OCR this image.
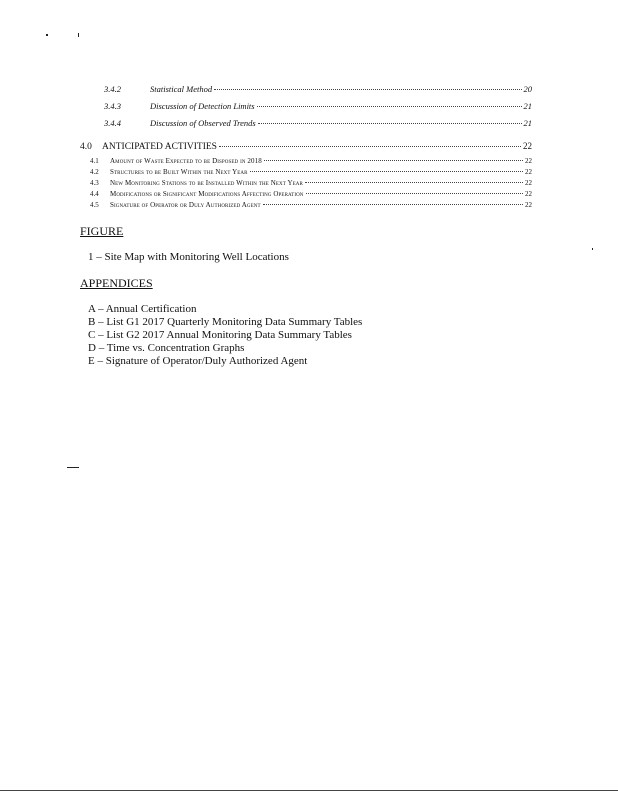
3.4.2	Statistical Method	20
3.4.3	Discussion of Detection Limits	21
3.4.4	Discussion of Observed Trends	21
4.0	ANTICIPATED ACTIVITIES	22
4.1	Amount of Waste Expected to be Disposed in 2018	22
4.2	Structures to be Built Within the Next Year	22
4.3	New Monitoring Stations to be Installed Within the Next Year	22
4.4	Modifications or Significant Modifications Affecting Operation	22
4.5	Signature of Operator or Duly Authorized Agent	22
FIGURE
1 – Site Map with Monitoring Well Locations
APPENDICES
A – Annual Certification
B – List G1 2017 Quarterly Monitoring Data Summary Tables
C – List G2 2017 Annual Monitoring Data Summary Tables
D – Time vs. Concentration Graphs
E – Signature of Operator/Duly Authorized Agent
